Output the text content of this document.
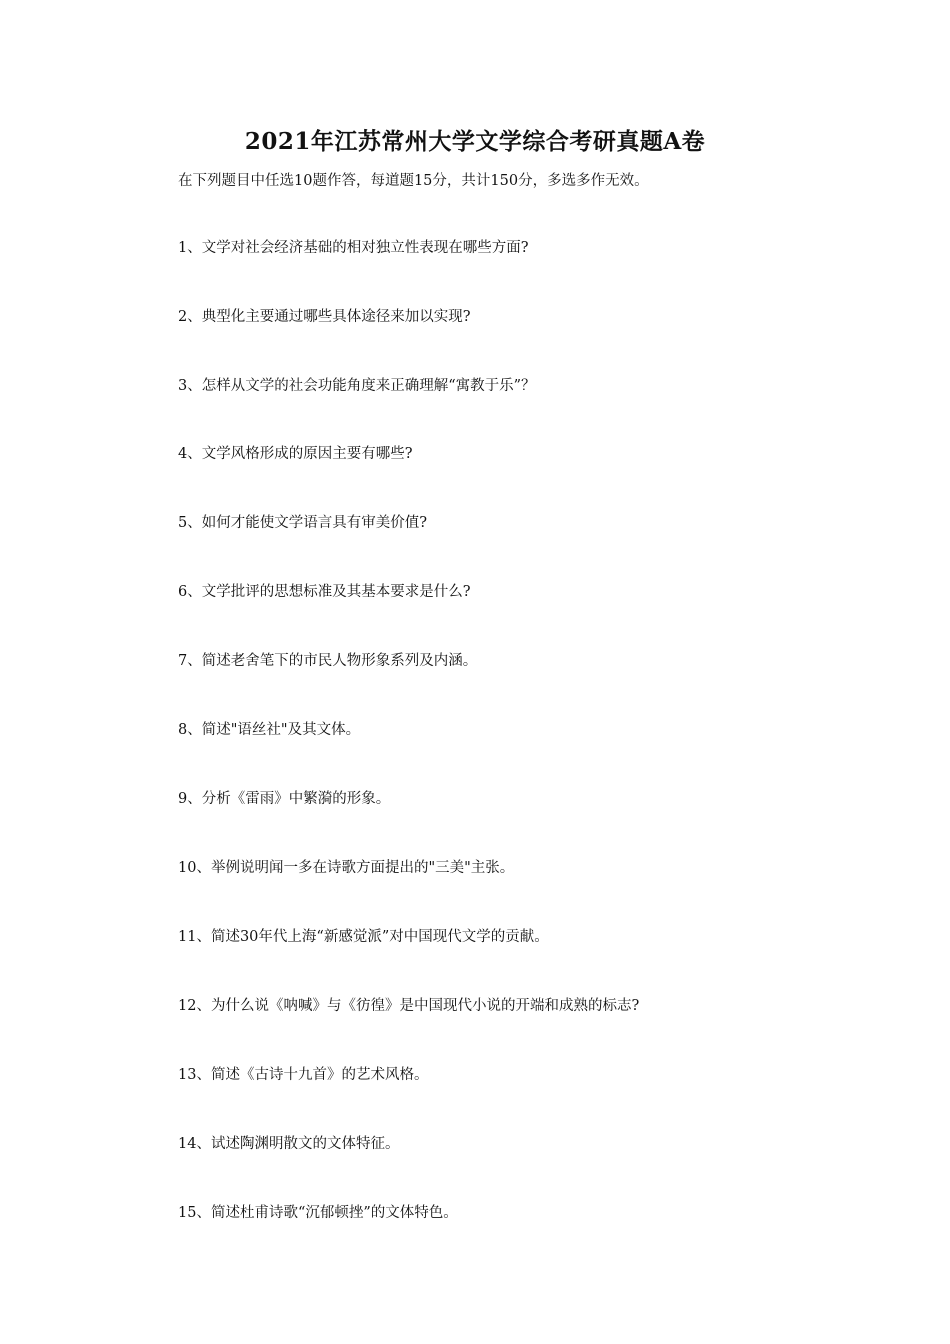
2021年江苏常州大学文学综合考研真题A卷
在下列题目中任选10题作答，每道题15分，共计150分，多选多作无效。
1、文学对社会经济基础的相对独立性表现在哪些方面?
2、典型化主要通过哪些具体途径来加以实现?
3、怎样从文学的社会功能角度来正确理解“寓教于乐”？
4、文学风格形成的原因主要有哪些?
5、如何才能使文学语言具有审美价值?
6、文学批评的思想标准及其基本要求是什么?
7、简述老舍笔下的市民人物形象系列及内涵。
8、简述"语丝社"及其文体。
9、分析《雷雨》中繁漪的形象。
10、举例说明闻一多在诗歌方面提出的"三美"主张。
11、简述30年代上海“新感觉派”对中国现代文学的贡献。
12、为什么说《呐喊》与《彷徨》是中国现代小说的开端和成熟的标志?
13、简述《古诗十九首》的艺术风格。
14、试述陶渊明散文的文体特征。
15、简述杜甫诗歌“沉郁顿挫”的文体特色。
